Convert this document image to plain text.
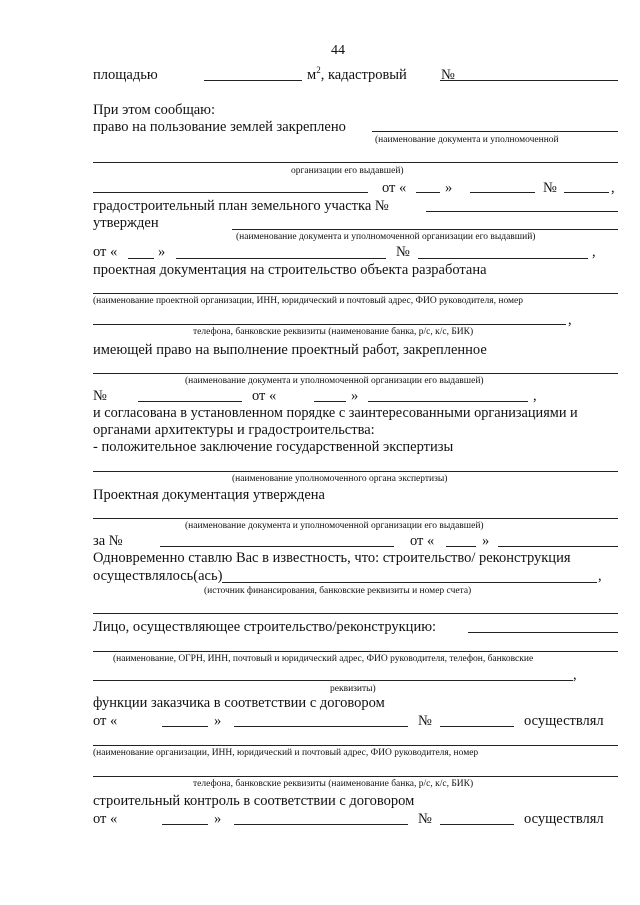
44
площадью	$м^2$, кадастровый №
При этом сообщаю:
право на пользование землей закреплено
(наименование документа и уполномоченной
организации его выдавшей)
от «	»	№	,
градостроительный план земельного участка №
утвержден
(наименование документа и уполномоченной организации его выдавший)
от «	»	№	,
проектная документация на строительство объекта разработана
(наименование проектной организации, ИНН, юридический и почтовый адрес, ФИО руководителя, номер
,
телефона, банковские реквизиты (наименование банка, р/с, к/с, БИК)
имеющей право на выполнение проектный работ, закрепленное
(наименование документа и уполномоченной организации его выдавшей)
№	от «	»	,
и согласована в установленном порядке с заинтересованными организациями и
органами архитектуры и градостроительства:
- положительное заключение государственной экспертизы
(наименование уполномоченного органа экспертизы)
Проектная документация утверждена
(наименование документа и уполномоченной организации его выдавшей)
за №	от «	»
Одновременно ставлю Вас в известность, что: строительство/ реконструкция
осуществлялось(ась)	,
(источник финансирования, банковские реквизиты и номер счета)
Лицо, осуществляющее строительство/реконструкцию:
(наименование, ОГРН, ИНН, почтовый и юридический адрес, ФИО руководителя, телефон, банковские
,
реквизиты)
функции заказчика в соответствии с договором
от «	»	№	осуществлял
(наименование организации, ИНН, юридический и почтовый адрес, ФИО руководителя, номер
телефона, банковские реквизиты (наименование банка, р/с, к/с, БИК)
строительный контроль в соответствии с договором
от «	»	№	осуществлял
